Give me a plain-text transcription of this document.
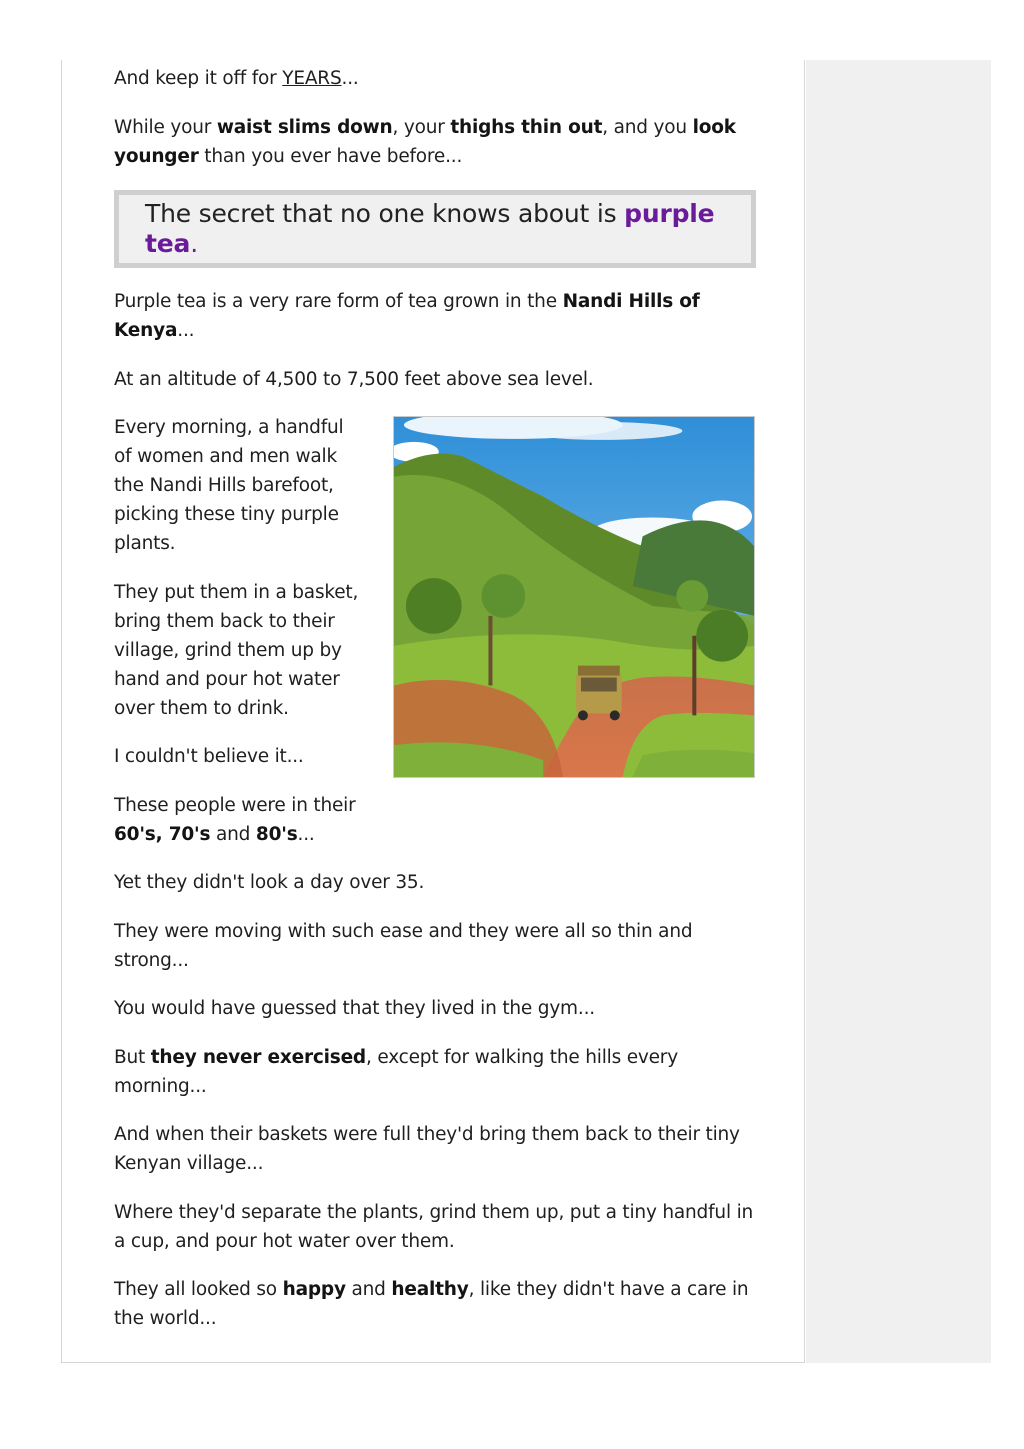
And keep it off for YEARS...

While your waist slims down, your thighs thin out, and you look younger than you ever have before...

The secret that no one knows about is purple tea.

Purple tea is a very rare form of tea grown in the Nandi Hills of Kenya...

At an altitude of 4,500 to 7,500 feet above sea level.

Every morning, a handful of women and men walk the Nandi Hills barefoot, picking these tiny purple plants.

They put them in a basket, bring them back to their village, grind them up by hand and pour hot water over them to drink.

I couldn't believe it...

These people were in their 60's, 70's and 80's...

Yet they didn't look a day over 35.

They were moving with such ease and they were all so thin and strong...

You would have guessed that they lived in the gym...

But they never exercised, except for walking the hills every morning...

And when their baskets were full they'd bring them back to their tiny Kenyan village...

Where they'd separate the plants, grind them up, put a tiny handful in a cup, and pour hot water over them.

They all looked so happy and healthy, like they didn't have a care in the world...
